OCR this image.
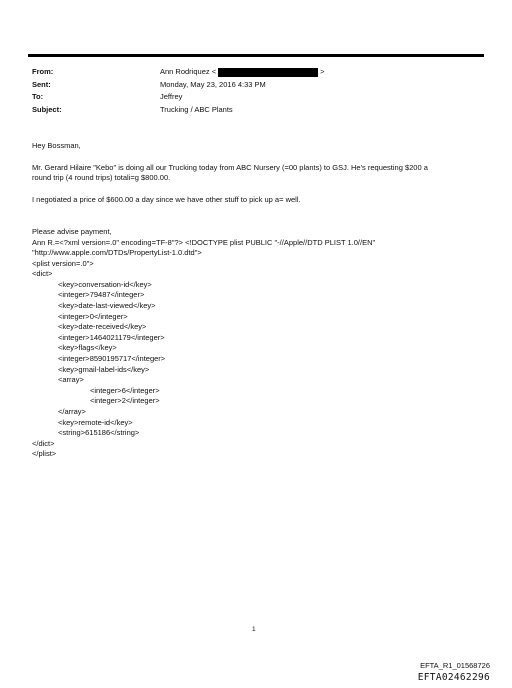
From:	Ann Rodriquez <	>
Sent:	Monday, May 23, 2016 4:33 PM
To:	Jeffrey
Subject:	Trucking / ABC Plants

Hey Bossman,

Mr. Gerard Hilaire "Kebo" is doing all our Trucking today from ABC Nursery (=00 plants) to GSJ. He's requesting $200 a

round trip (4 round trips) totali=g $800.00.

I negotiated a price of $600.00 a day since we have other stuff to pick up a= well.

Please advise payment,

Ann R.=<?xml version=.0" encoding=TF-8"?> <!DOCTYPE plist PUBLIC "-//Apple//DTD PLIST 1.0//EN"

"http://www.apple.com/DTDs/PropertyList-1.0.dtd">

<plist version=.0">

<dict>

<key>conversation-id</key>
<integer>79487</integer>
<key>date-last-viewed</key>
<integer>0</integer>
<key>date-received</key>
<integer>1464021179</integer>
<key>flags</key>
<integer>8590195717</integer>
<key>gmail-label-ids</key>
<array>
<integer>6</integer>
<integer>2</integer>
</array>
<key>remote-id</key>
<string>615186</string>

</dict>

</plist>

1
EFTA_R1_01568726
EFTA02462296
